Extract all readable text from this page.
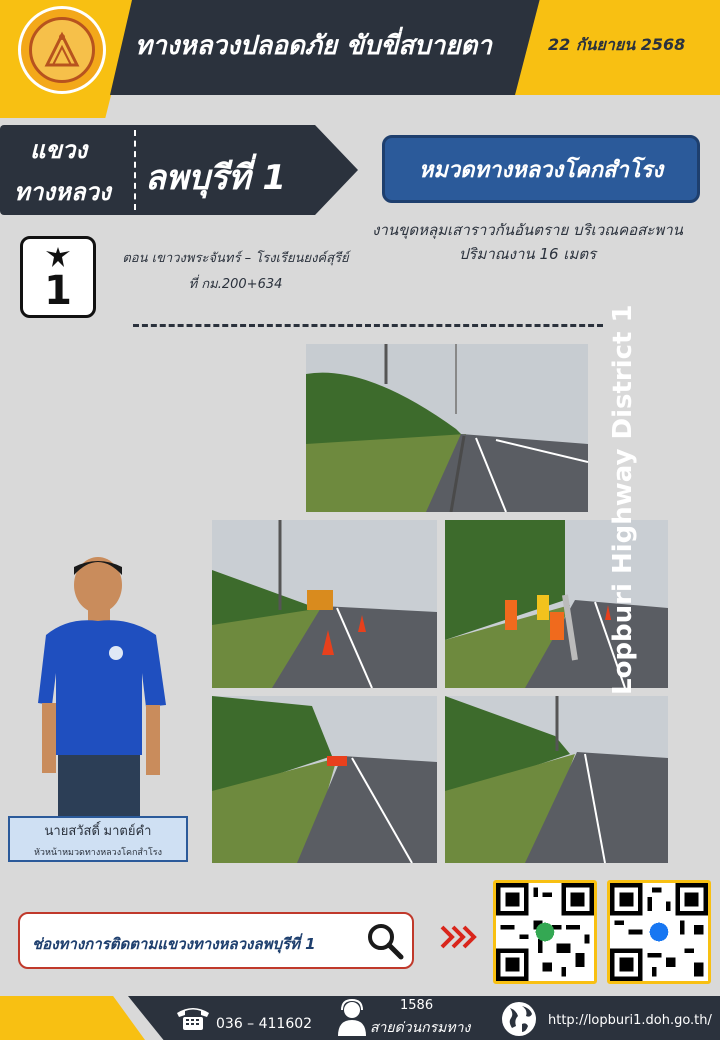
ทางหลวงปลอดภัย ขับขี่สบายตา	22 กันยายน 2568
แขวง
ทางหลวง ลพบุรีที่ 1	หมวดทางหลวงโคกสำโรง
งานขุดหลุมเสาราวกันอันตราย บริเวณคอสะพาน
ปริมาณงาน 16 เมตร
1
ตอน เขาวงพระจันทร์ – โรงเรียนยงค์สุรีย์
ที่ กม.200+634
Lopburi Highway District 1
นายสวัสดิ์ มาตย์คำ
หัวหน้าหมวดทางหลวงโคกสำโรง
ช่องทางการติดตามแขวงทางหลวงลพบุรีที่ 1
036 – 411602
1586
สายด่วนกรมทาง	http://lopburi1.doh.go.th/
